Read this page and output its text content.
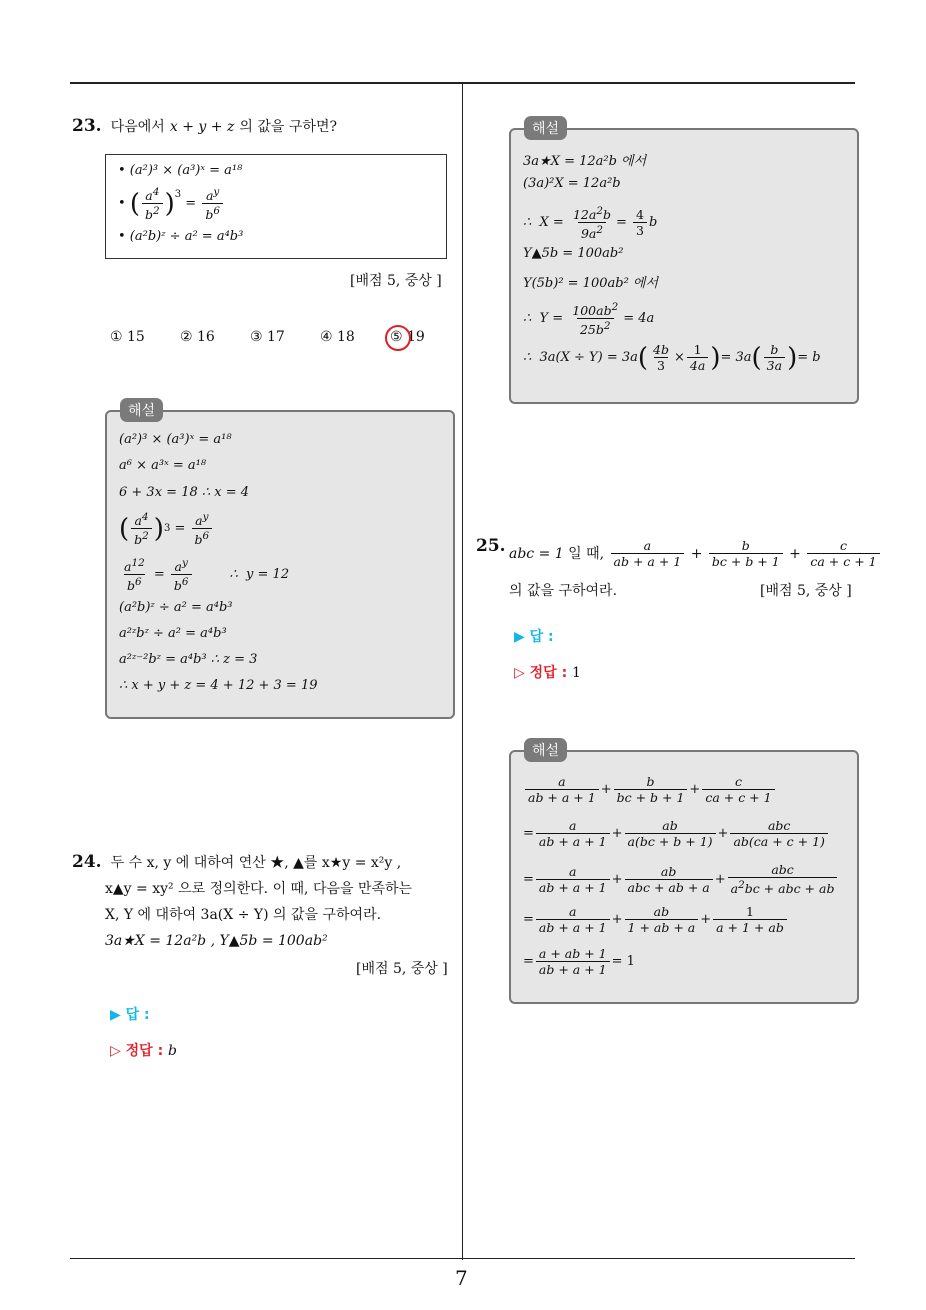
7
23. 다음에서 x + y + z 의 값을 구하면?
• (a²)³ × (a³)ˣ = a¹⁸
• ( $\frac{a^4}{b^2} )^3$
= $\frac{a^y}{b^6}$
• (a²b)ᶻ ÷ a² = a⁴b³
[배점 5, 중상 ]
① 15	② 16	③ 17	④ 18	⑤ 19
(a²)³ × (a³)ˣ = a¹⁸
a⁶ × a³ˣ = a¹⁸
6 + 3x = 18 ∴ x = 4
( $\frac{a^4}{b^2}$ ) $3 = \frac{a^y}{b^6}$
$\frac{a^{12}}{b^6} = \frac{a^y}{b^6}$	∴  y = 12
(a²b)ᶻ ÷ a² = a⁴b³
a²ᶻbᶻ ÷ a² = a⁴b³
a²ᶻ⁻²bᶻ = a⁴b³ ∴ z = 3
∴ x + y + z = 4 + 12 + 3 = 19
해설
24. 두 수 x, y 에 대하여 연산 ★, ▲를 x★y = x²y ,
x▲y = xy² 으로 정의한다. 이 때, 다음을 만족하는
X, Y 에 대하여 3a(X ÷ Y) 의 값을 구하여라.
3a★X = 12a²b , Y▲5b = 100ab²
[배점 5, 중상 ]
▶ 답 :
▷ 정답 : b
3a★X = 12a²b 에서
(3a)²X = 12a²b
∴  $X = \frac{12a^2b}{9a^2} = \frac{4}{3}$ b
Y▲5b = 100ab²
Y(5b)² = 100ab² 에서
∴  $Y = \frac{100ab^2}{25b^2} = 4a$
∴  3a(X ÷ Y) = 3a ( $\frac{4b}{3} \times \frac{1}{4a}$ ) = 3a ( $\frac{b}{3a}$ ) = b
해설
25. abc = 1 일 때, $\frac{a}{ab + a + 1} + \frac{b}{bc + b + 1} + \frac{c}{ca + c + 1}$
의 값을 구하여라.	[배점 5, 중상 ]
▶ 답 :
▷ 정답 : 1
$\frac{a}{ab + a + 1} + \frac{b}{bc + b + 1} + \frac{c}{ca + c + 1}$
= $\frac{a}{ab + a + 1} + \frac{ab}{a(bc + b + 1)} + \frac{\text{abc}}{ab(ca + c + 1)}$
= $\frac{a}{ab + a + 1} + \frac{ab}{\text{abc + ab + a}} + \frac{\text{abc}}{a^2bc + abc + ab}$
= $\frac{a}{ab + a + 1} + \frac{ab}{1 + ab + a} + \frac{1}{a + 1 + ab}$
= $\frac{a + ab + 1}{ab + a + 1} = 1$
해설
